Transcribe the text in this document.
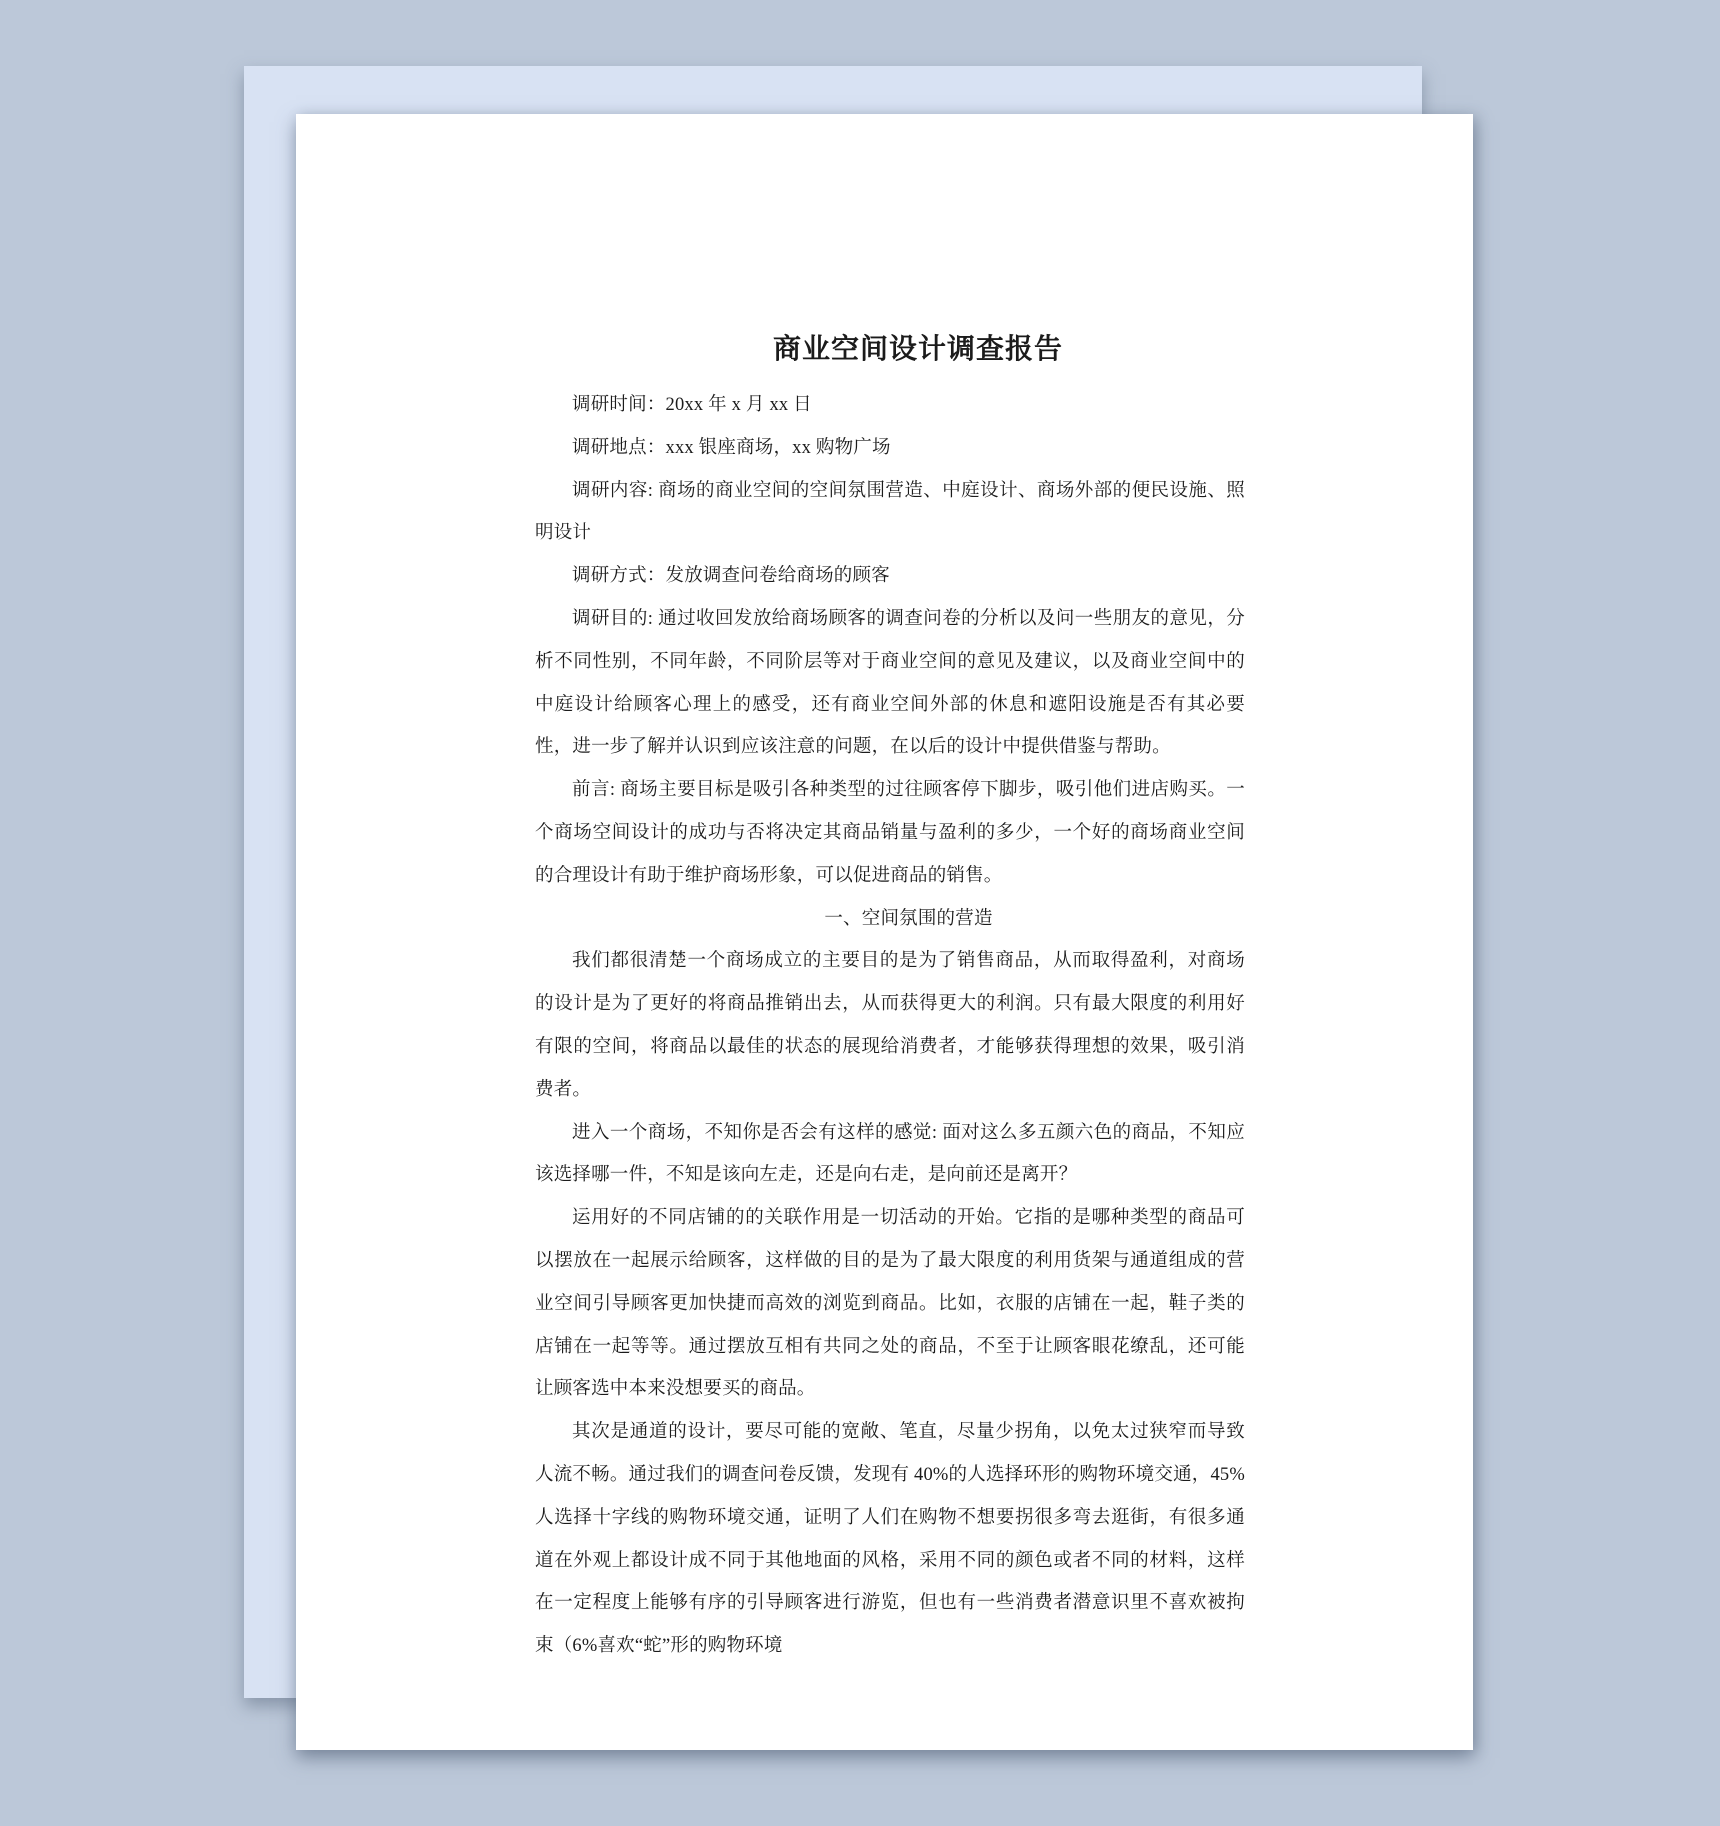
商业空间设计调查报告

调研时间：20xx 年 x 月 xx 日

调研地点：xxx 银座商场，xx 购物广场

调研内容: 商场的商业空间的空间氛围营造、中庭设计、商场外部的便民设施、照明设计

调研方式：发放调查问卷给商场的顾客

调研目的: 通过收回发放给商场顾客的调查问卷的分析以及问一些朋友的意见，分析不同性别，不同年龄，不同阶层等对于商业空间的意见及建议，以及商业空间中的中庭设计给顾客心理上的感受，还有商业空间外部的休息和遮阳设施是否有其必要性，进一步了解并认识到应该注意的问题，在以后的设计中提供借鉴与帮助。

前言: 商场主要目标是吸引各种类型的过往顾客停下脚步，吸引他们进店购买。一个商场空间设计的成功与否将决定其商品销量与盈利的多少，一个好的商场商业空间的合理设计有助于维护商场形象，可以促进商品的销售。

一、空间氛围的营造

我们都很清楚一个商场成立的主要目的是为了销售商品，从而取得盈利，对商场的设计是为了更好的将商品推销出去，从而获得更大的利润。只有最大限度的利用好有限的空间，将商品以最佳的状态的展现给消费者，才能够获得理想的效果，吸引消费者。

进入一个商场，不知你是否会有这样的感觉: 面对这么多五颜六色的商品，不知应该选择哪一件，不知是该向左走，还是向右走，是向前还是离开？

运用好的不同店铺的的关联作用是一切活动的开始。它指的是哪种类型的商品可以摆放在一起展示给顾客，这样做的目的是为了最大限度的利用货架与通道组成的营业空间引导顾客更加快捷而高效的浏览到商品。比如，衣服的店铺在一起，鞋子类的店铺在一起等等。通过摆放互相有共同之处的商品，不至于让顾客眼花缭乱，还可能让顾客选中本来没想要买的商品。

其次是通道的设计，要尽可能的宽敞、笔直，尽量少拐角，以免太过狭窄而导致人流不畅。通过我们的调查问卷反馈，发现有 40%的人选择环形的购物环境交通，45%人选择十字线的购物环境交通，证明了人们在购物不想要拐很多弯去逛街，有很多通道在外观上都设计成不同于其他地面的风格，采用不同的颜色或者不同的材料，这样在一定程度上能够有序的引导顾客进行游览，但也有一些消费者潜意识里不喜欢被拘束（6%喜欢“蛇”形的购物环境
